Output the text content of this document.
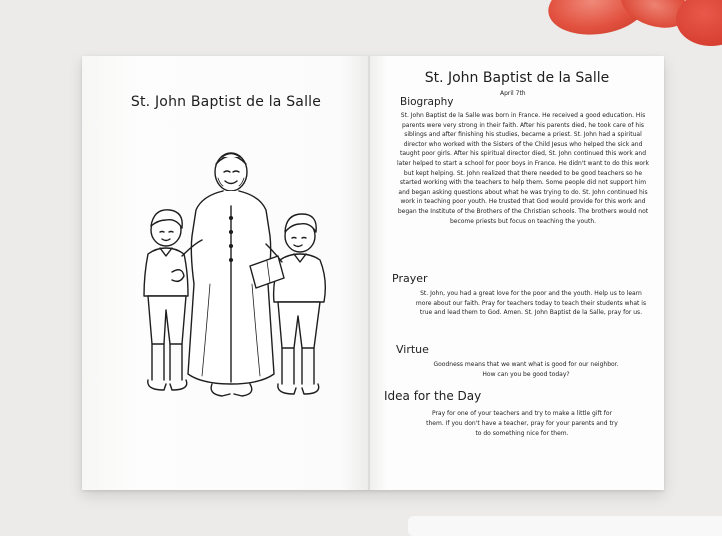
St. John Baptist de la Salle
St. John Baptist de la Salle
April 7th
Biography
St. John Baptist de la Salle was born in France. He received a good education. His parents were very strong in their faith. After his parents died, he took care of his siblings and after finishing his studies, became a priest. St. John had a spiritual director who worked with the Sisters of the Child Jesus who helped the sick and taught poor girls. After his spiritual director died, St. John continued this work and later helped to start a school for poor boys in France. He didn't want to do this work but kept helping. St. John realized that there needed to be good teachers so he started working with the teachers to help them. Some people did not support him and began asking questions about what he was trying to do. St. John continued his work in teaching poor youth. He trusted that God would provide for this work and began the Institute of the Brothers of the Christian schools. The brothers would not become priests but focus on teaching the youth.
Prayer
St. John, you had a great love for the poor and the youth. Help us to learn more about our faith. Pray for teachers today to teach their students what is true and lead them to God. Amen. St. John Baptist de la Salle, pray for us.
Virtue
Goodness means that we want what is good for our neighbor. How can you be good today?
Idea for the Day
Pray for one of your teachers and try to make a little gift for them. If you don't have a teacher, pray for your parents and try to do something nice for them.
